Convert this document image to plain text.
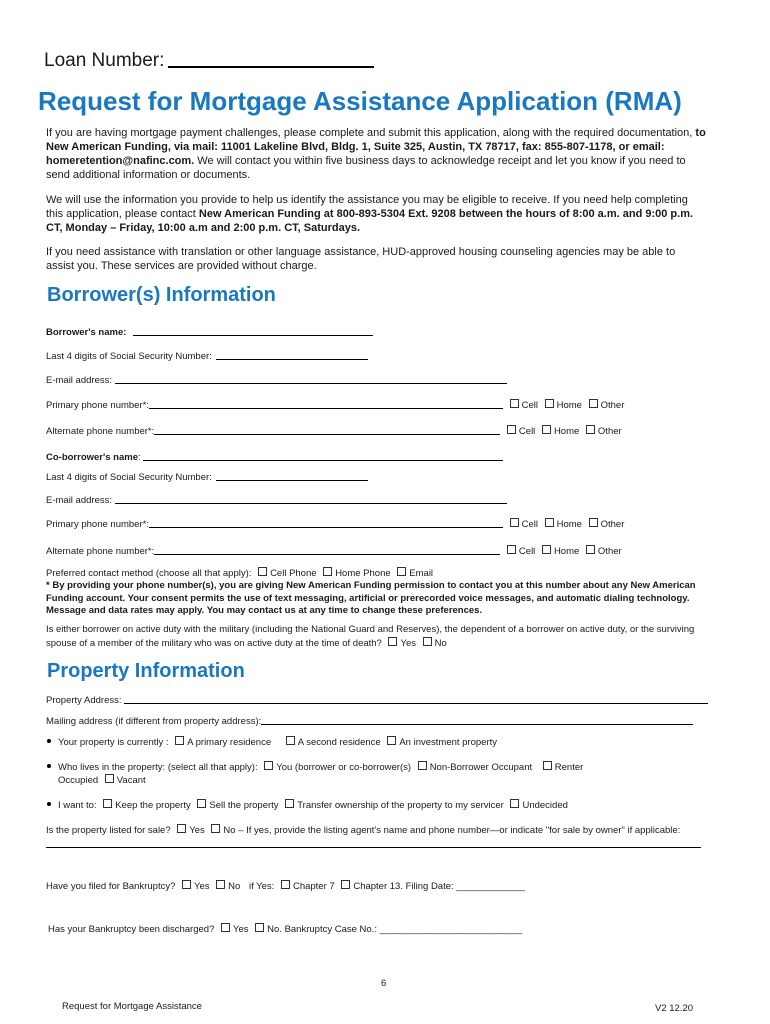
Loan Number:
Request for Mortgage Assistance Application (RMA)
If you are having mortgage payment challenges, please complete and submit this application, along with the required documentation, to New American Funding, via mail: 11001 Lakeline Blvd, Bldg. 1, Suite 325, Austin, TX 78717, fax: 855-807-1178, or email: homeretention@nafinc.com. We will contact you within five business days to acknowledge receipt and let you know if you need to send additional information or documents.
We will use the information you provide to help us identify the assistance you may be eligible to receive. If you need help completing this application, please contact New American Funding at 800-893-5304 Ext. 9208 between the hours of 8:00 a.m. and 9:00 p.m. CT, Monday – Friday, 10:00 a.m and 2:00 p.m. CT, Saturdays.
If you need assistance with translation or other language assistance, HUD-approved housing counseling agencies may be able to assist you. These services are provided without charge.
Borrower(s) Information
Borrower's name:
Last 4 digits of Social Security Number:
E-mail address:
Primary phone number*:	Cell Home Other
Alternate phone number*:	Cell Home Other
Co-borrower's name:
Last 4 digits of Social Security Number:
E-mail address:
Primary phone number*:	Cell Home Other
Alternate phone number*:	Cell Home Other
Preferred contact method (choose all that apply): Cell Phone Home Phone Email
* By providing your phone number(s), you are giving New American Funding permission to contact you at this number about any New American Funding account. Your consent permits the use of text messaging, artificial or prerecorded voice messages, and automatic dialing technology. Message and data rates may apply. You may contact us at any time to change these preferences.
Is either borrower on active duty with the military (including the National Guard and Reserves), the dependent of a borrower on active duty, or the surviving spouse of a member of the military who was on active duty at the time of death? Yes No
Property Information
Property Address:
Mailing address (if different from property address):
Your property is currently : A primary residence	A second residence An investment property
Who lives in the property: (select all that apply): You (borrower or co-borrower(s) Non-Borrower Occupant Renter
Occupied Vacant
I want to: Keep the property Sell the property Transfer ownership of the property to my servicer Undecided
Is the property listed for sale? Yes No – If yes, provide the listing agent's name and phone number—or indicate "for sale by owner" if applicable:
Have you filed for Bankruptcy? Yes No if Yes: Chapter 7 Chapter 13. Filing Date: _____________
Has your Bankruptcy been discharged? Yes No. Bankruptcy Case No.: ___________________________
6
Request for Mortgage Assistance	V2 12.20
